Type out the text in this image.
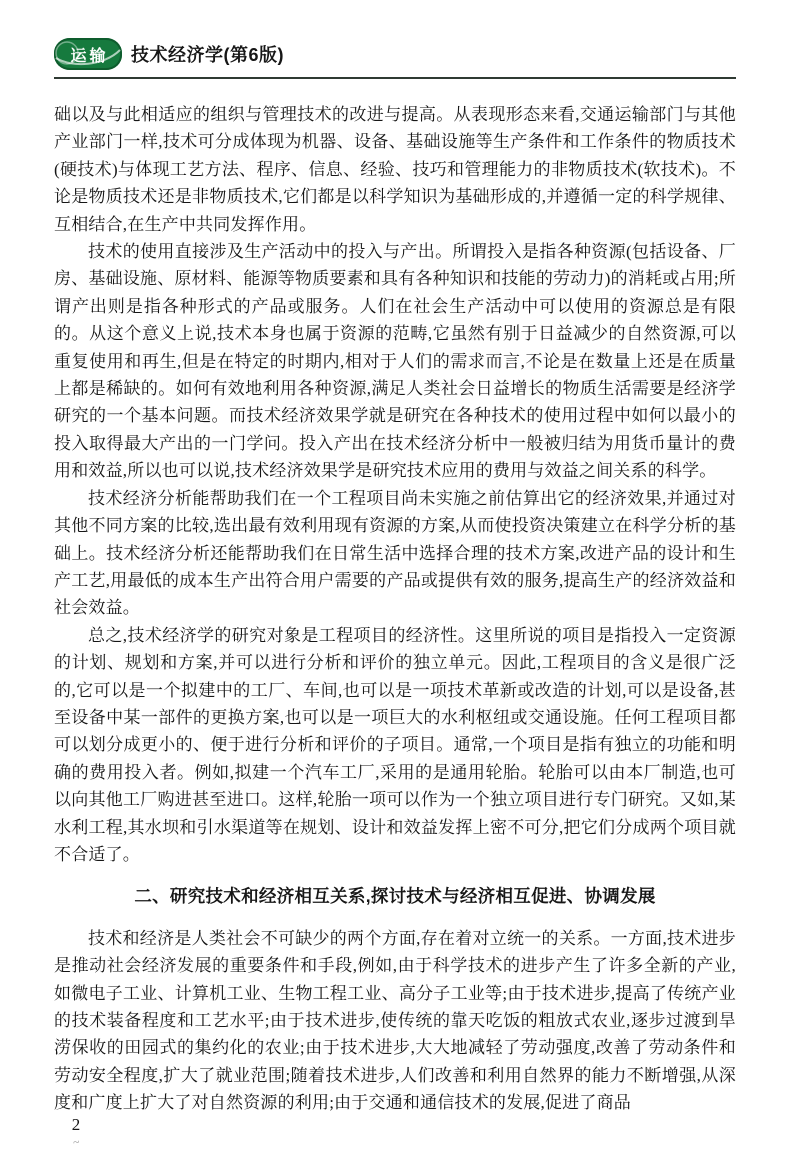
运输 技术经济学(第6版)

础以及与此相适应的组织与管理技术的改进与提高。从表现形态来看,交通运输部门与其他产业部门一样,技术可分成体现为机器、设备、基础设施等生产条件和工作条件的物质技术(硬技术)与体现工艺方法、程序、信息、经验、技巧和管理能力的非物质技术(软技术)。不论是物质技术还是非物质技术,它们都是以科学知识为基础形成的,并遵循一定的科学规律、互相结合,在生产中共同发挥作用。

技术的使用直接涉及生产活动中的投入与产出。所谓投入是指各种资源(包括设备、厂房、基础设施、原材料、能源等物质要素和具有各种知识和技能的劳动力)的消耗或占用;所谓产出则是指各种形式的产品或服务。人们在社会生产活动中可以使用的资源总是有限的。从这个意义上说,技术本身也属于资源的范畴,它虽然有别于日益减少的自然资源,可以重复使用和再生,但是在特定的时期内,相对于人们的需求而言,不论是在数量上还是在质量上都是稀缺的。如何有效地利用各种资源,满足人类社会日益增长的物质生活需要是经济学研究的一个基本问题。而技术经济效果学就是研究在各种技术的使用过程中如何以最小的投入取得最大产出的一门学问。投入产出在技术经济分析中一般被归结为用货币量计的费用和效益,所以也可以说,技术经济效果学是研究技术应用的费用与效益之间关系的科学。

技术经济分析能帮助我们在一个工程项目尚未实施之前估算出它的经济效果,并通过对其他不同方案的比较,选出最有效利用现有资源的方案,从而使投资决策建立在科学分析的基础上。技术经济分析还能帮助我们在日常生活中选择合理的技术方案,改进产品的设计和生产工艺,用最低的成本生产出符合用户需要的产品或提供有效的服务,提高生产的经济效益和社会效益。

总之,技术经济学的研究对象是工程项目的经济性。这里所说的项目是指投入一定资源的计划、规划和方案,并可以进行分析和评价的独立单元。因此,工程项目的含义是很广泛的,它可以是一个拟建中的工厂、车间,也可以是一项技术革新或改造的计划,可以是设备,甚至设备中某一部件的更换方案,也可以是一项巨大的水利枢纽或交通设施。任何工程项目都可以划分成更小的、便于进行分析和评价的子项目。通常,一个项目是指有独立的功能和明确的费用投入者。例如,拟建一个汽车工厂,采用的是通用轮胎。轮胎可以由本厂制造,也可以向其他工厂购进甚至进口。这样,轮胎一项可以作为一个独立项目进行专门研究。又如,某水利工程,其水坝和引水渠道等在规划、设计和效益发挥上密不可分,把它们分成两个项目就不合适了。

二、研究技术和经济相互关系,探讨技术与经济相互促进、协调发展

技术和经济是人类社会不可缺少的两个方面,存在着对立统一的关系。一方面,技术进步是推动社会经济发展的重要条件和手段,例如,由于科学技术的进步产生了许多全新的产业,如微电子工业、计算机工业、生物工程工业、高分子工业等;由于技术进步,提高了传统产业的技术装备程度和工艺水平;由于技术进步,使传统的靠天吃饭的粗放式农业,逐步过渡到旱涝保收的田园式的集约化的农业;由于技术进步,大大地减轻了劳动强度,改善了劳动条件和劳动安全程度,扩大了就业范围;随着技术进步,人们改善和利用自然界的能力不断增强,从深度和广度上扩大了对自然资源的利用;由于交通和通信技术的发展,促进了商品

2
~
